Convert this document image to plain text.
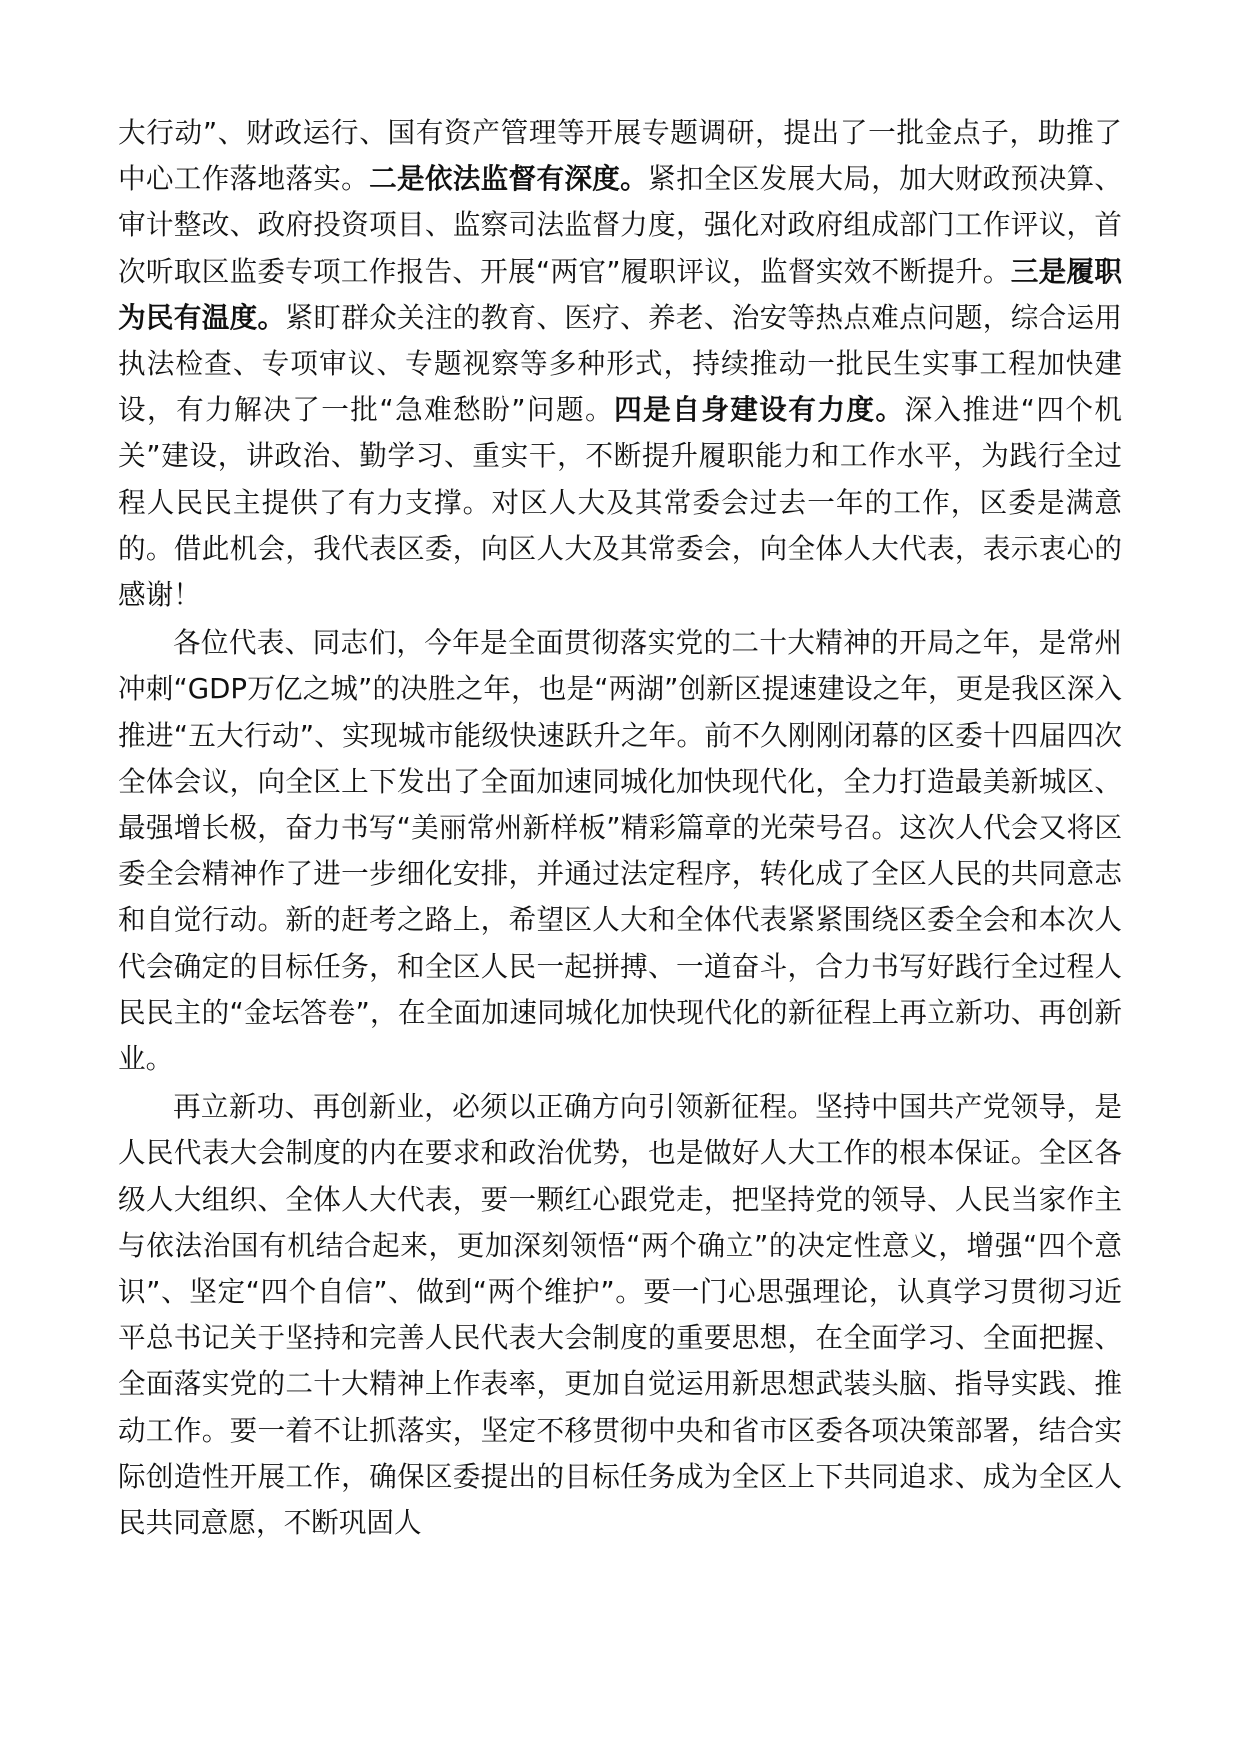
大行动”、财政运行、国有资产管理等开展专题调研，提出了一批金点子，助推了中心工作落地落实。二是依法监督有深度。紧扣全区发展大局，加大财政预决算、审计整改、政府投资项目、监察司法监督力度，强化对政府组成部门工作评议，首次听取区监委专项工作报告、开展“两官”履职评议，监督实效不断提升。三是履职为民有温度。紧盯群众关注的教育、医疗、养老、治安等热点难点问题，综合运用执法检查、专项审议、专题视察等多种形式，持续推动一批民生实事工程加快建设，有力解决了一批“急难愁盼”问题。四是自身建设有力度。深入推进“四个机关”建设，讲政治、勤学习、重实干，不断提升履职能力和工作水平，为践行全过程人民民主提供了有力支撑。对区人大及其常委会过去一年的工作，区委是满意的。借此机会，我代表区委，向区人大及其常委会，向全体人大代表，表示衷心的感谢！

各位代表、同志们，今年是全面贯彻落实党的二十大精神的开局之年，是常州冲刺“GDP万亿之城”的决胜之年，也是“两湖”创新区提速建设之年，更是我区深入推进“五大行动”、实现城市能级快速跃升之年。前不久刚刚闭幕的区委十四届四次全体会议，向全区上下发出了全面加速同城化加快现代化，全力打造最美新城区、最强增长极，奋力书写“美丽常州新样板”精彩篇章的光荣号召。这次人代会又将区委全会精神作了进一步细化安排，并通过法定程序，转化成了全区人民的共同意志和自觉行动。新的赶考之路上，希望区人大和全体代表紧紧围绕区委全会和本次人代会确定的目标任务，和全区人民一起拼搏、一道奋斗，合力书写好践行全过程人民民主的“金坛答卷”，在全面加速同城化加快现代化的新征程上再立新功、再创新业。

再立新功、再创新业，必须以正确方向引领新征程。坚持中国共产党领导，是人民代表大会制度的内在要求和政治优势，也是做好人大工作的根本保证。全区各级人大组织、全体人大代表，要一颗红心跟党走，把坚持党的领导、人民当家作主与依法治国有机结合起来，更加深刻领悟“两个确立”的决定性意义，增强“四个意识”、坚定“四个自信”、做到“两个维护”。要一门心思强理论，认真学习贯彻习近平总书记关于坚持和完善人民代表大会制度的重要思想，在全面学习、全面把握、全面落实党的二十大精神上作表率，更加自觉运用新思想武装头脑、指导实践、推动工作。要一着不让抓落实，坚定不移贯彻中央和省市区委各项决策部署，结合实际创造性开展工作，确保区委提出的目标任务成为全区上下共同追求、成为全区人民共同意愿，不断巩固人
